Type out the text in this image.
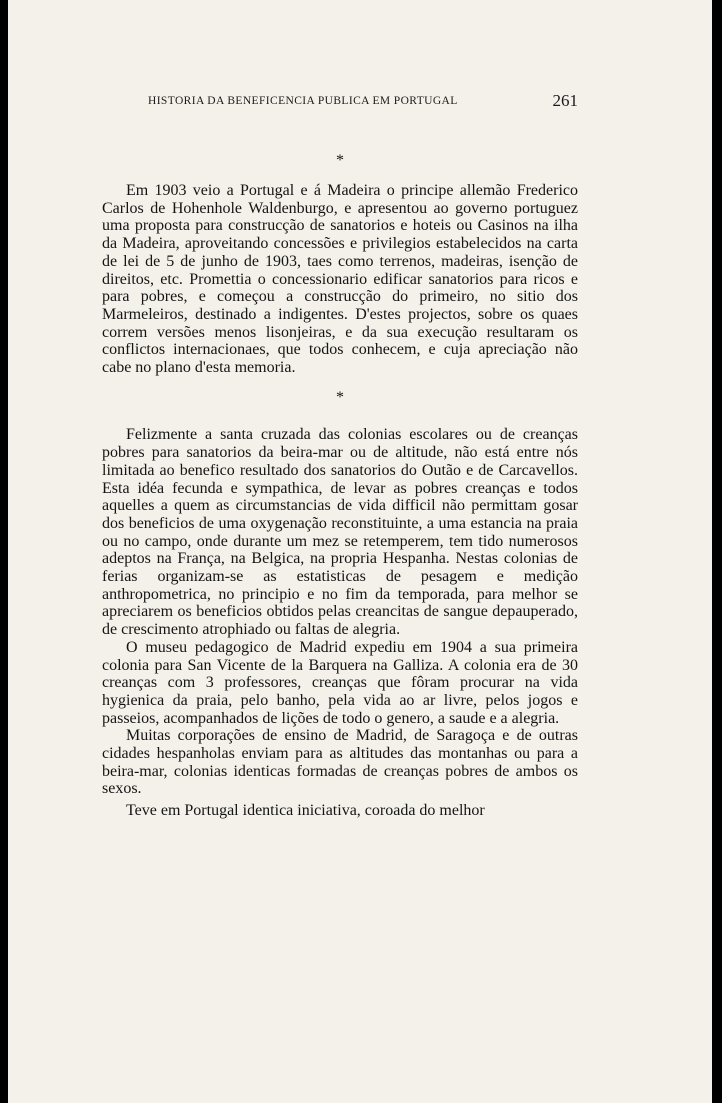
HISTORIA DA BENEFICENCIA PUBLICA EM PORTUGAL	261
*

Em 1903 veio a Portugal e á Madeira o principe allemão Frederico Carlos de Hohenhole Waldenburgo, e apresentou ao governo portuguez uma proposta para construcção de sanatorios e hoteis ou Casinos na ilha da Madeira, aproveitando concessões e privilegios estabelecidos na carta de lei de 5 de junho de 1903, taes como terrenos, madeiras, isenção de direitos, etc. Promettia o concessionario edificar sanatorios para ricos e para pobres, e começou a construcção do primeiro, no sitio dos Marmeleiros, destinado a indigentes. D'estes projectos, sobre os quaes correm versões menos lisonjeiras, e da sua execução resultaram os conflictos internacionaes, que todos conhecem, e cuja apreciação não cabe no plano d'esta memoria.

*

Felizmente a santa cruzada das colonias escolares ou de creanças pobres para sanatorios da beira-mar ou de altitude, não está entre nós limitada ao benefico resultado dos sanatorios do Outão e de Carcavellos. Esta idéa fecunda e sympathica, de levar as pobres creanças e todos aquelles a quem as circumstancias de vida difficil não permittam gosar dos beneficios de uma oxygenação reconstituinte, a uma estancia na praia ou no campo, onde durante um mez se retemperem, tem tido numerosos adeptos na França, na Belgica, na propria Hespanha. Nestas colonias de ferias organizam-se as estatisticas de pesagem e medição anthropometrica, no principio e no fim da temporada, para melhor se apreciarem os beneficios obtidos pelas creancitas de sangue depauperado, de crescimento atrophiado ou faltas de alegria.

O museu pedagogico de Madrid expediu em 1904 a sua primeira colonia para San Vicente de la Barquera na Galliza. A colonia era de 30 creanças com 3 professores, creanças que fôram procurar na vida hygienica da praia, pelo banho, pela vida ao ar livre, pelos jogos e passeios, acompanhados de lições de todo o genero, a saude e a alegria.

Muitas corporações de ensino de Madrid, de Saragoça e de outras cidades hespanholas enviam para as altitudes das montanhas ou para a beira-mar, colonias identicas formadas de creanças pobres de ambos os sexos.

Teve em Portugal identica iniciativa, coroada do melhor
